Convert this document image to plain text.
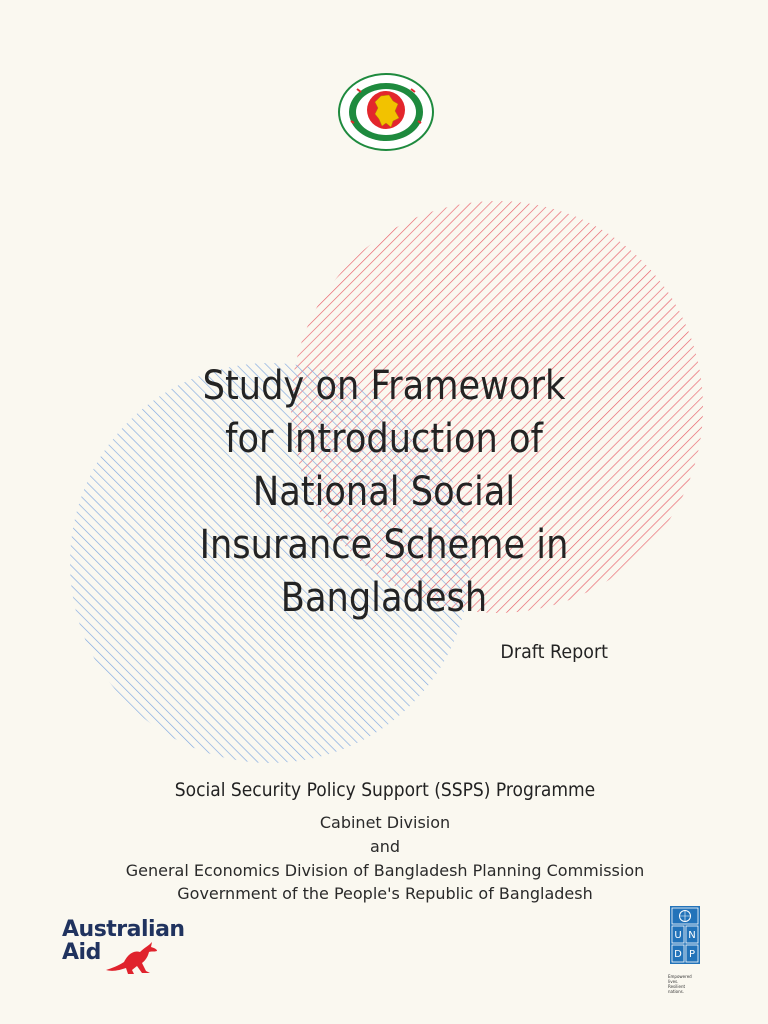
Study on Framework
for Introduction of
National Social
Insurance Scheme in
Bangladesh

Draft Report

Social Security Policy Support (SSPS) Programme

Cabinet Division

and

General Economics Division of Bangladesh Planning Commission

Government of the People's Republic of Bangladesh

Australian
Aid
U N
D P
Empowered lives.
Resilient nations.
